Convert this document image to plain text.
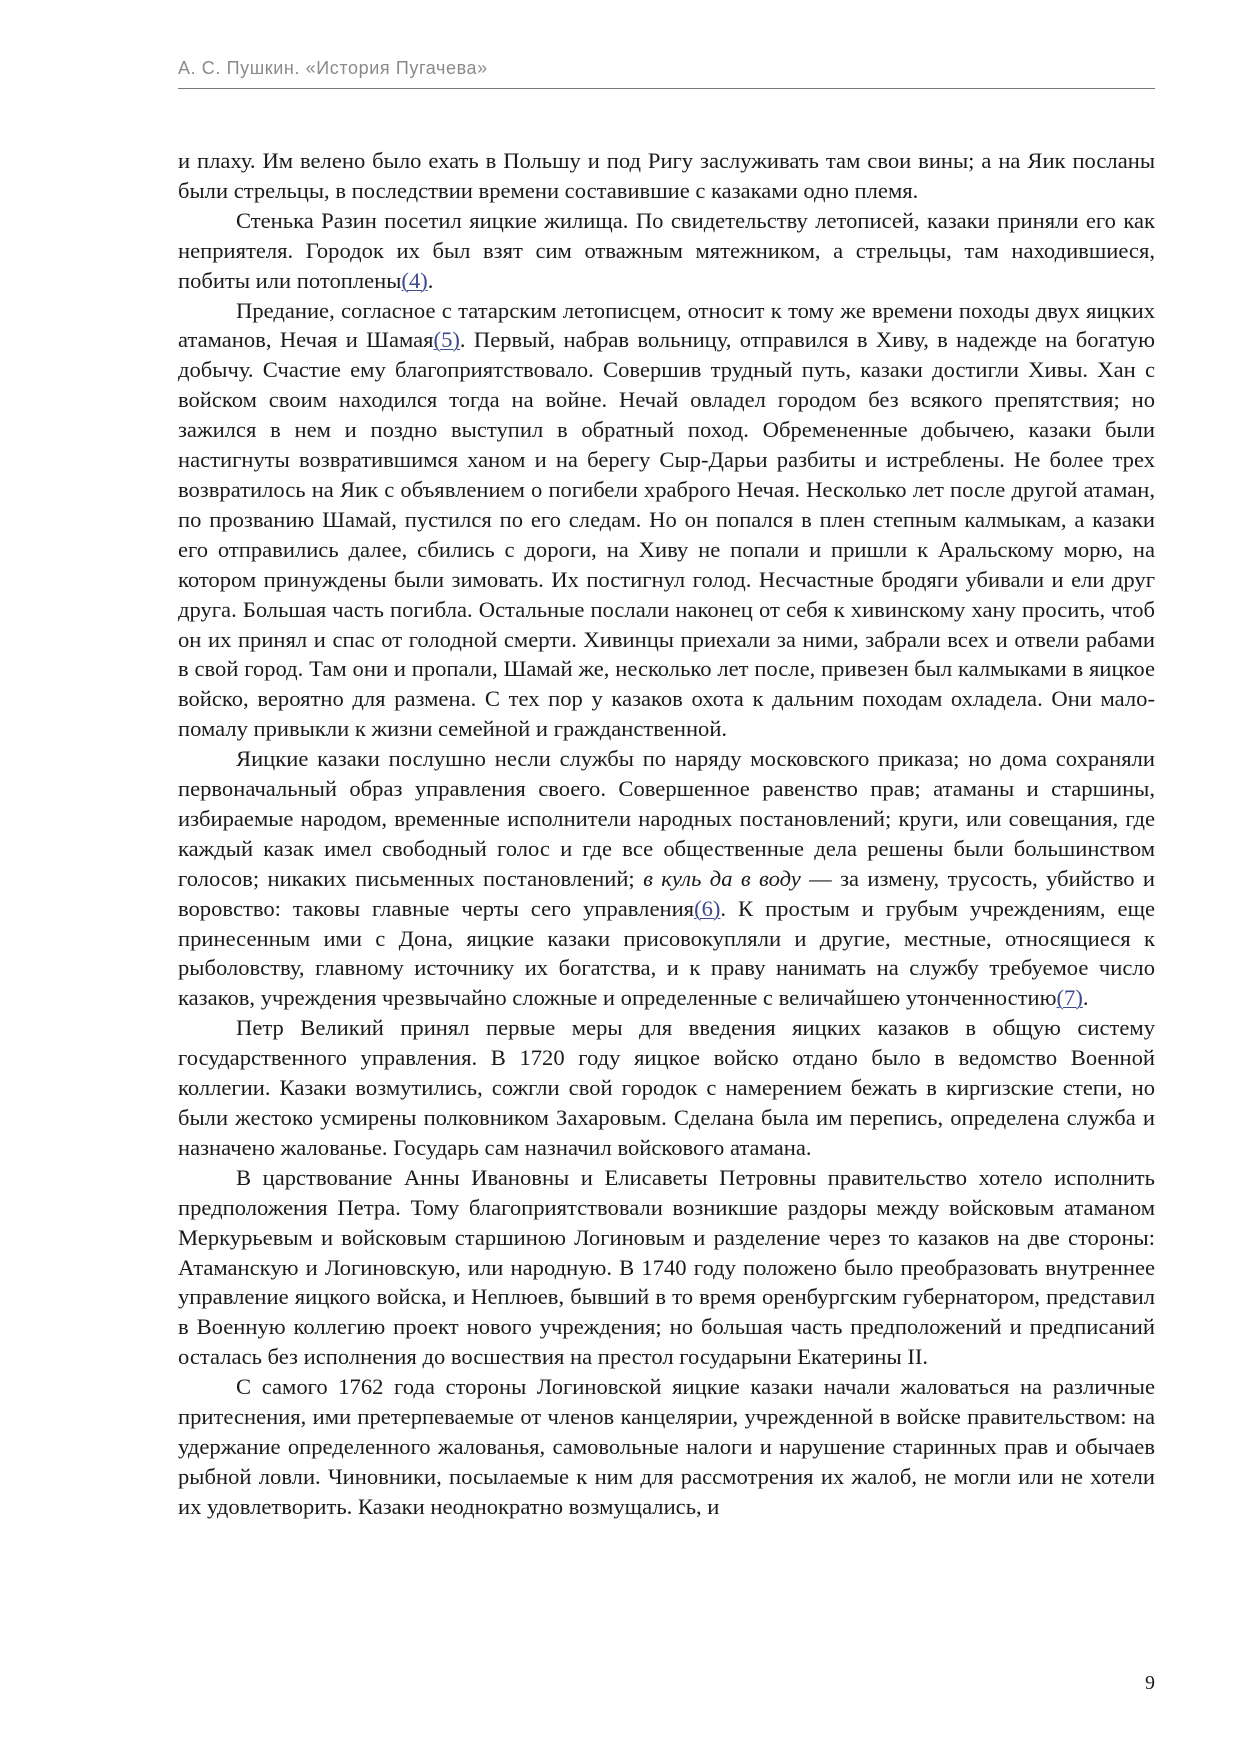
А. С. Пушкин. «История Пугачева»

и плаху. Им велено было ехать в Польшу и под Ригу заслуживать там свои вины; а на Яик посланы были стрельцы, в последствии времени составившие с казаками одно племя.

Стенька Разин посетил яицкие жилища. По свидетельству летописей, казаки приняли его как неприятеля. Городок их был взят сим отважным мятежником, а стрельцы, там находившиеся, побиты или потоплены(4).

Предание, согласное с татарским летописцем, относит к тому же времени походы двух яицких атаманов, Нечая и Шамая(5). Первый, набрав вольницу, отправился в Хиву, в надежде на богатую добычу. Счастие ему благоприятствовало. Совершив трудный путь, казаки достигли Хивы. Хан с войском своим находился тогда на войне. Нечай овладел городом без всякого препятствия; но зажился в нем и поздно выступил в обратный поход. Обремененные добычею, казаки были настигнуты возвратившимся ханом и на берегу Сыр-Дарьи разбиты и истреблены. Не более трех возвратилось на Яик с объявлением о погибели храброго Нечая. Несколько лет после другой атаман, по прозванию Шамай, пустился по его следам. Но он попался в плен степным калмыкам, а казаки его отправились далее, сбились с дороги, на Хиву не попали и пришли к Аральскому морю, на котором принуждены были зимовать. Их постигнул голод. Несчастные бродяги убивали и ели друг друга. Большая часть погибла. Остальные послали наконец от себя к хивинскому хану просить, чтоб он их принял и спас от голодной смерти. Хивинцы приехали за ними, забрали всех и отвели рабами в свой город. Там они и пропали, Шамай же, несколько лет после, привезен был калмыками в яицкое войско, вероятно для размена. С тех пор у казаков охота к дальним походам охладела. Они мало-помалу привыкли к жизни семейной и гражданственной.

Яицкие казаки послушно несли службы по наряду московского приказа; но дома сохраняли первоначальный образ управления своего. Совершенное равенство прав; атаманы и старшины, избираемые народом, временные исполнители народных постановлений; круги, или совещания, где каждый казак имел свободный голос и где все общественные дела решены были большинством голосов; никаких письменных постановлений; в куль да в воду — за измену, трусость, убийство и воровство: таковы главные черты сего управления(6). К простым и грубым учреждениям, еще принесенным ими с Дона, яицкие казаки присовокупляли и другие, местные, относящиеся к рыболовству, главному источнику их богатства, и к праву нанимать на службу требуемое число казаков, учреждения чрезвычайно сложные и определенные с величайшею утонченностию(7).

Петр Великий принял первые меры для введения яицких казаков в общую систему государственного управления. В 1720 году яицкое войско отдано было в ведомство Военной коллегии. Казаки возмутились, сожгли свой городок с намерением бежать в киргизские степи, но были жестоко усмирены полковником Захаровым. Сделана была им перепись, определена служба и назначено жалованье. Государь сам назначил войскового атамана.

В царствование Анны Ивановны и Елисаветы Петровны правительство хотело исполнить предположения Петра. Тому благоприятствовали возникшие раздоры между войсковым атаманом Меркурьевым и войсковым старшиною Логиновым и разделение через то казаков на две стороны: Атаманскую и Логиновскую, или народную. В 1740 году положено было преобразовать внутреннее управление яицкого войска, и Неплюев, бывший в то время оренбургским губернатором, представил в Военную коллегию проект нового учреждения; но большая часть предположений и предписаний осталась без исполнения до восшествия на престол государыни Екатерины II.

С самого 1762 года стороны Логиновской яицкие казаки начали жаловаться на различные притеснения, ими претерпеваемые от членов канцелярии, учрежденной в войске правительством: на удержание определенного жалованья, самовольные налоги и нарушение старинных прав и обычаев рыбной ловли. Чиновники, посылаемые к ним для рассмотрения их жалоб, не могли или не хотели их удовлетворить. Казаки неоднократно возмущались, и

9
